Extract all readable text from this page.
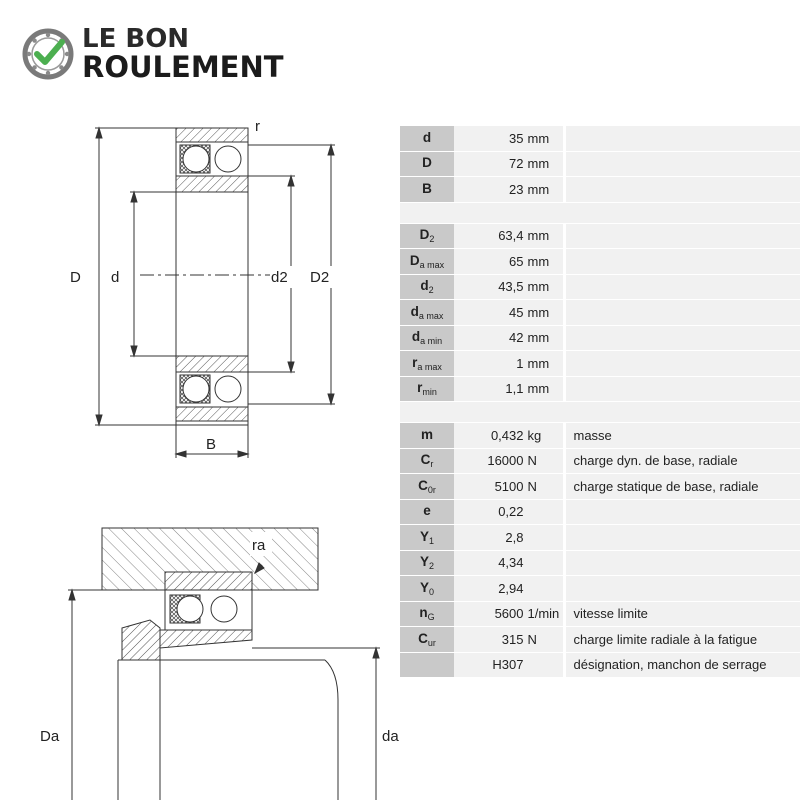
LE BON
ROULEMENT
D d	d2 D2
B
r
ra
Da	da
d	35 mm	
D	72 mm	
B	23 mm	

$D_2$	63,4 mm	
$D_{a max}$	65 mm	
$d_2$	43,5 mm	
$d_{a max}$	45 mm	
$d_{a min}$	42 mm	
$r_{a max}$	1 mm	
$r_{min}$	1,1 mm	

m	0,432 kg	masse
$C_r$	16000 N	charge dyn. de base, radiale
$C_{0r}$	5100 N	charge statique de base, radiale
e	0,22	
$Y_1$	2,8	
$Y_2$	4,34	
$Y_0$	2,94	
$n_G$	5600 1/min	vitesse limite
$C_{ur}$	315 N	charge limite radiale à la fatigue
	H307	désignation, manchon de serrage
